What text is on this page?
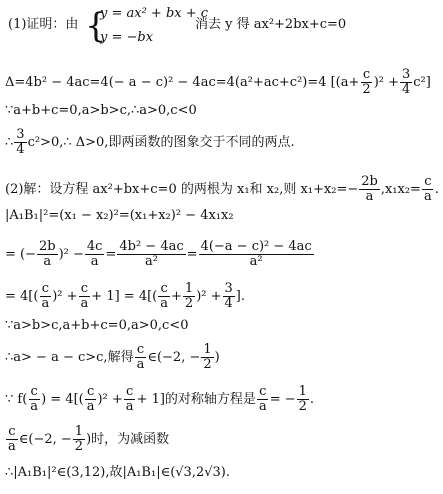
(1)证明：由 {
y = ax² + bx + c
y = −bx
消去 y 得 ax²+2bx+c=0
Δ=4b² − 4ac=4(− a − c)² − 4ac=4(a²+ac+c²)=4 $[(a+ \frac{c}{2} )^2 + \frac{3}{4} c^2]$
∵a+b+c=0,a>b>c,∴a>0,c<0
∴ $\frac{3}{4}$ c²>0,∴ Δ>0,即两函数的图象交于不同的两点.
(2)解：设方程 ax²+bx+c=0 的两根为 x₁和 x₂,则 $x_1+x_2=- \frac{2b}{a} ,x_1x_2= \frac{c}{a}$ .
|A₁B₁|²=(x₁ − x₂)²=(x₁+x₂)² − 4x₁x₂
= (− $\frac{2b}{a} )^2 - \frac{4c}{a} = \frac{\text{4b² − 4ac}}{\text{a²}} = \frac{\text{4(−a − c)² − 4ac}}{\text{a²}}$
= $4[( \frac{c}{a} )^2 + \frac{c}{a} + 1] = 4[( \frac{c}{a} + \frac{1}{2} )^2 + \frac{3}{4}$ ].
∵a>b>c,a+b+c=0,a>0,c<0
∴a> − a − c>c,解得 $\frac{c}{a}$ ∈(−2, − $\frac{1}{2}$ )
∵ $f( \frac{c}{a}$ ) = $4[( \frac{c}{a} )^2 + \frac{c}{a} + 1]$的对称轴方程是 $\frac{c}{a}$ = − $\frac{1}{2}$ .
$\frac{c}{a}$ ∈(−2, − $\frac{1}{2}$ )时，为减函数
∴|A₁B₁|²∈(3,12),故|A₁B₁|∈(√3,2√3).
